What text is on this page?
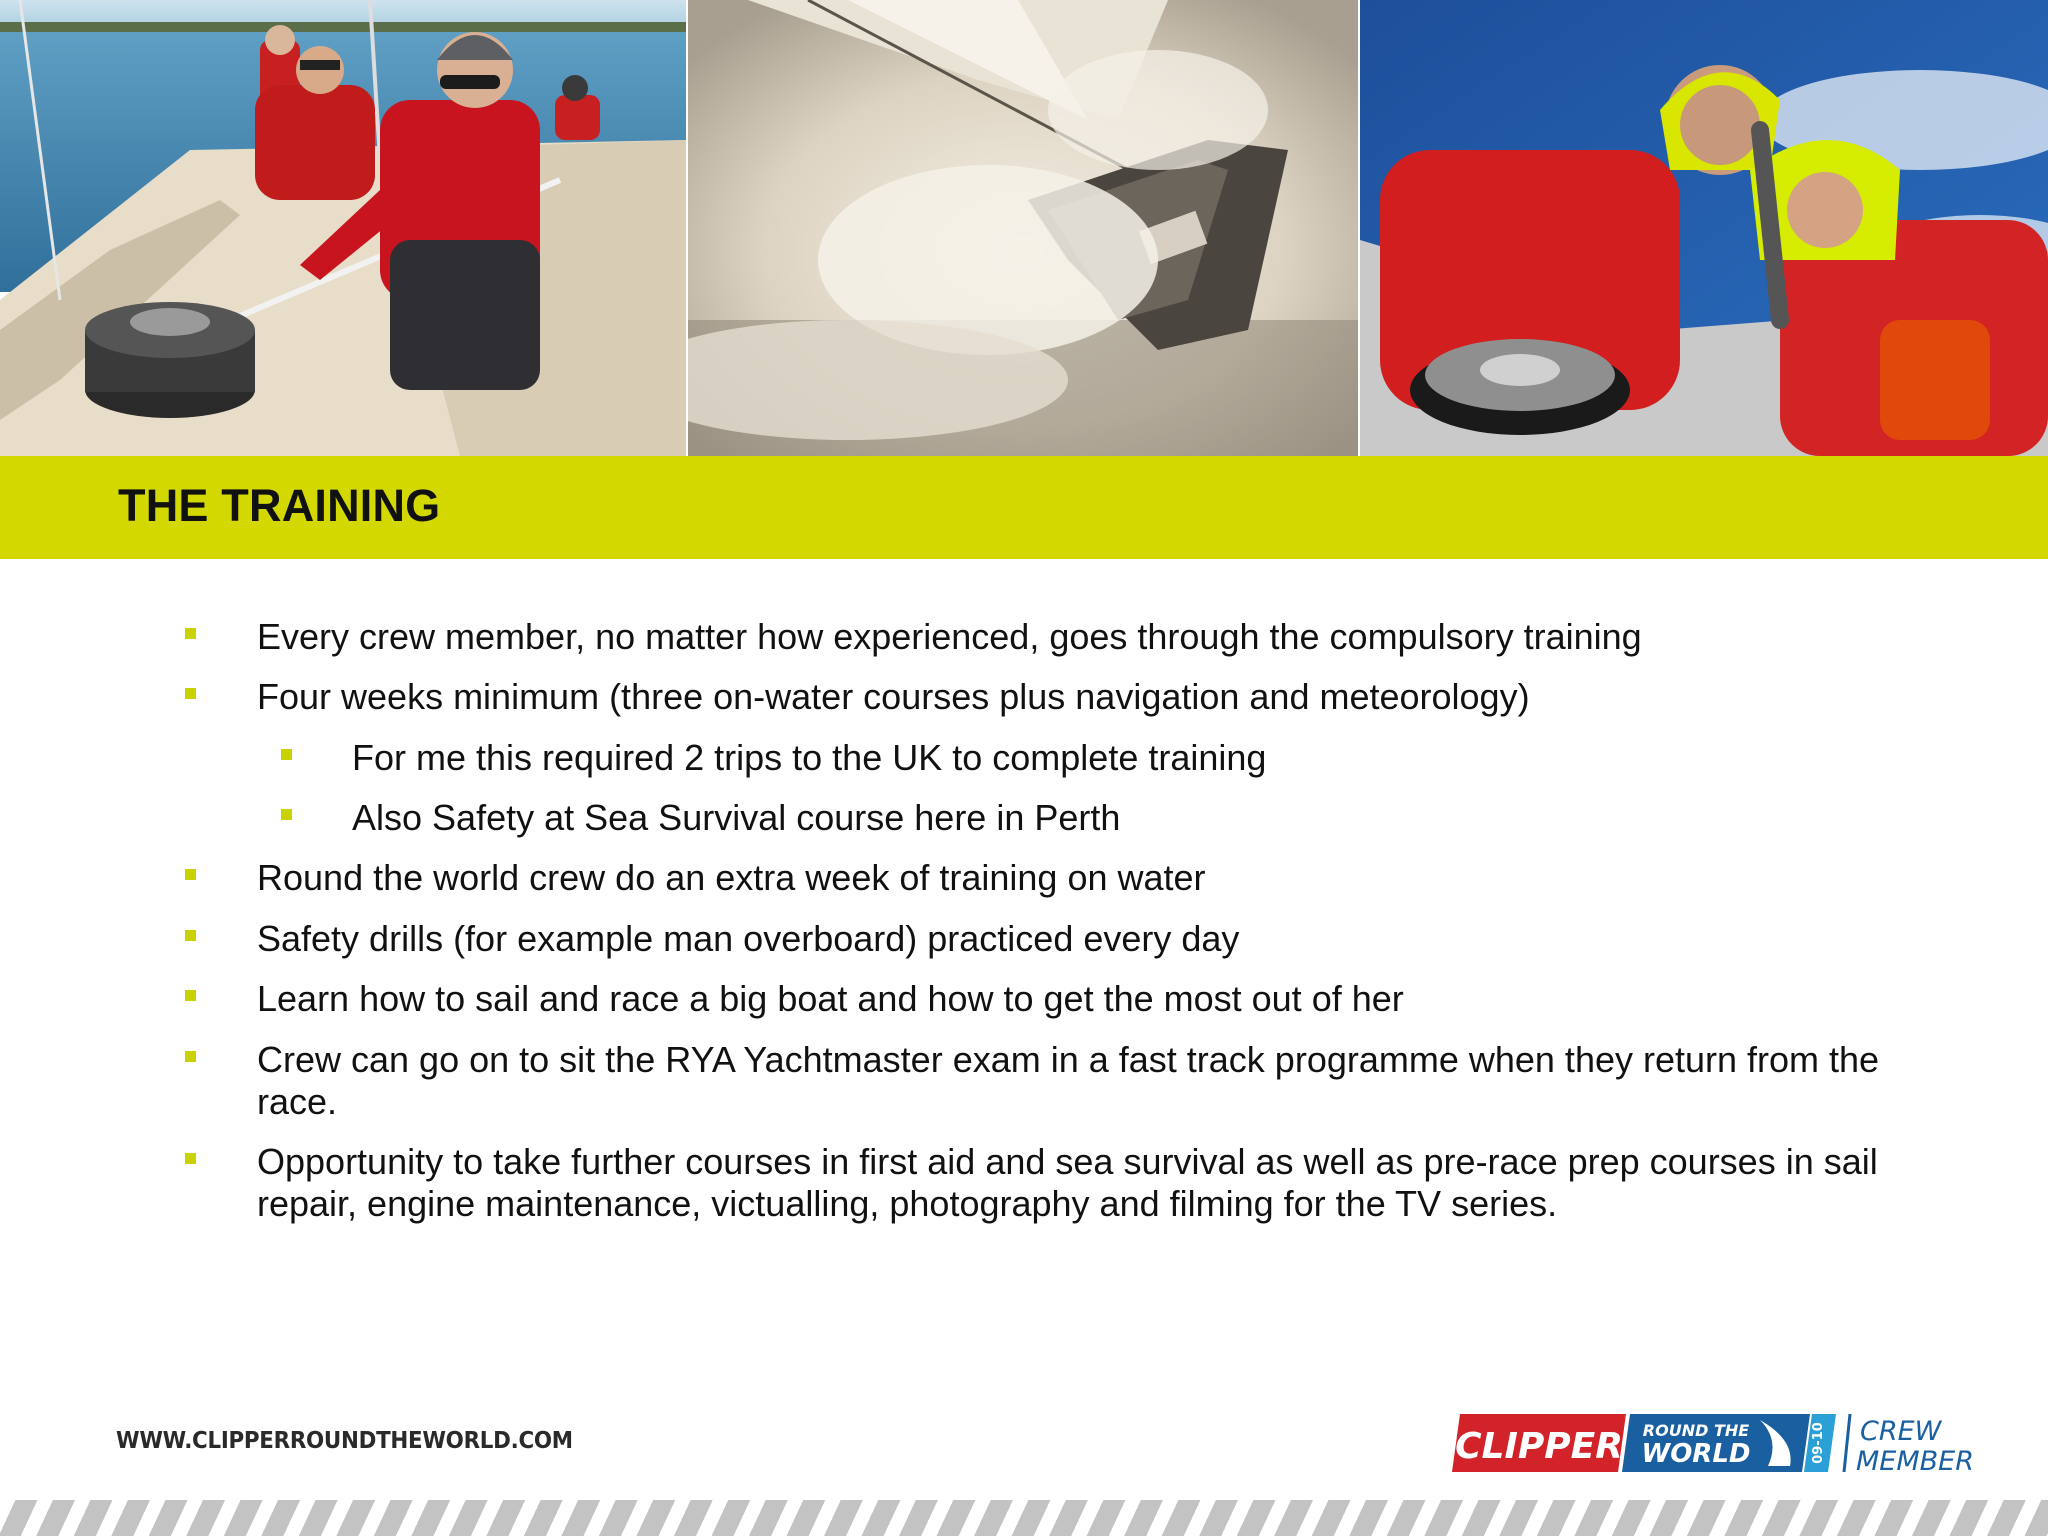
THE TRAINING
Every crew member, no matter how experienced, goes through the compulsory training
Four weeks minimum (three on-water courses plus navigation and meteorology)
For me this required 2 trips to the UK to complete training
Also Safety at Sea Survival course here in Perth
Round the world crew do an extra week of training on water
Safety drills (for example man overboard) practiced every day
Learn how to sail and race a big boat and how to get the most out of her
Crew can go on to sit the RYA Yachtmaster exam in a fast track programme when they return from the race.
Opportunity to take further courses in first aid and sea survival as well as pre-race prep courses in sail repair, engine maintenance, victualling, photography and filming for the TV series.
WWW.CLIPPERROUNDTHEWORLD.COM	CLIPPER ROUND THE
WORLD	09-10 CREW
MEMBER
